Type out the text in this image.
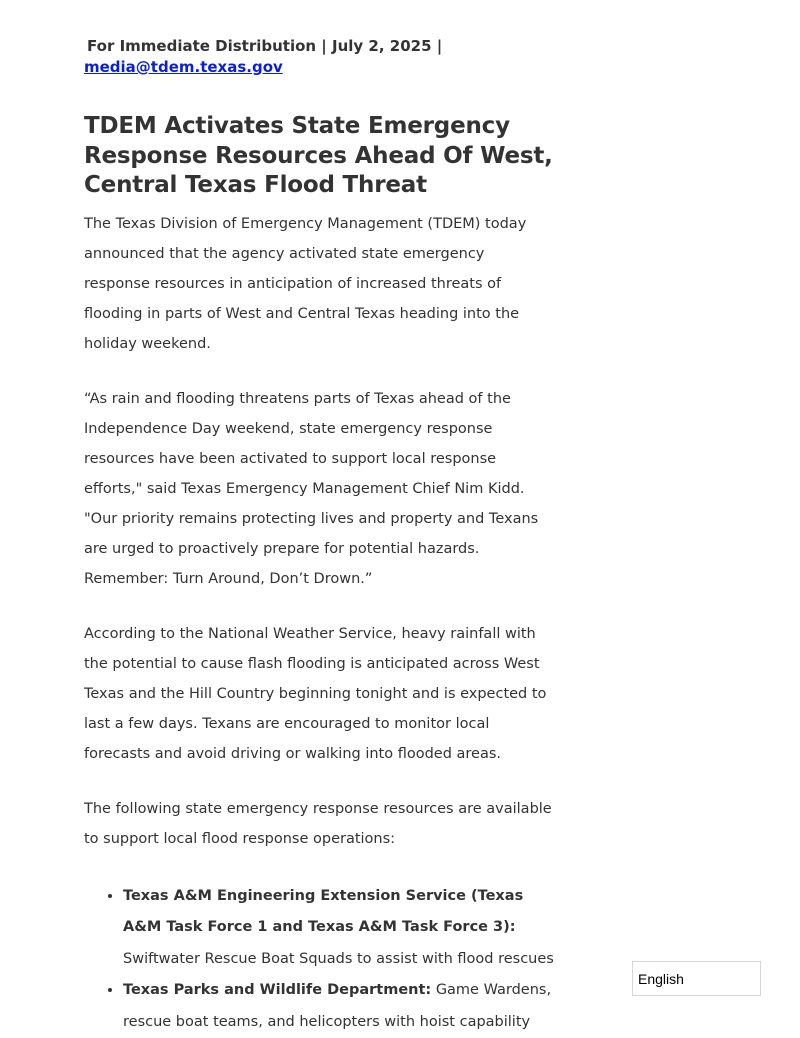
For Immediate Distribution | July 2, 2025 |
media@tdem.texas.gov
TDEM Activates State Emergency Response Resources Ahead Of West, Central Texas Flood Threat

The Texas Division of Emergency Management (TDEM) today announced that the agency activated state emergency response resources in anticipation of increased threats of flooding in parts of West and Central Texas heading into the holiday weekend.

“As rain and flooding threatens parts of Texas ahead of the Independence Day weekend, state emergency response resources have been activated to support local response efforts," said Texas Emergency Management Chief Nim Kidd. "Our priority remains protecting lives and property and Texans are urged to proactively prepare for potential hazards. Remember: Turn Around, Don’t Drown.”

According to the National Weather Service, heavy rainfall with the potential to cause flash flooding is anticipated across West Texas and the Hill Country beginning tonight and is expected to last a few days. Texans are encouraged to monitor local forecasts and avoid driving or walking into flooded areas.

The following state emergency response resources are available to support local flood response operations:

• Texas A&M Engineering Extension Service (Texas A&M Task Force 1 and Texas A&M Task Force 3): Swiftwater Rescue Boat Squads to assist with flood rescues
• Texas Parks and Wildlife Department: Game Wardens, rescue boat teams, and helicopters with hoist capability
English
